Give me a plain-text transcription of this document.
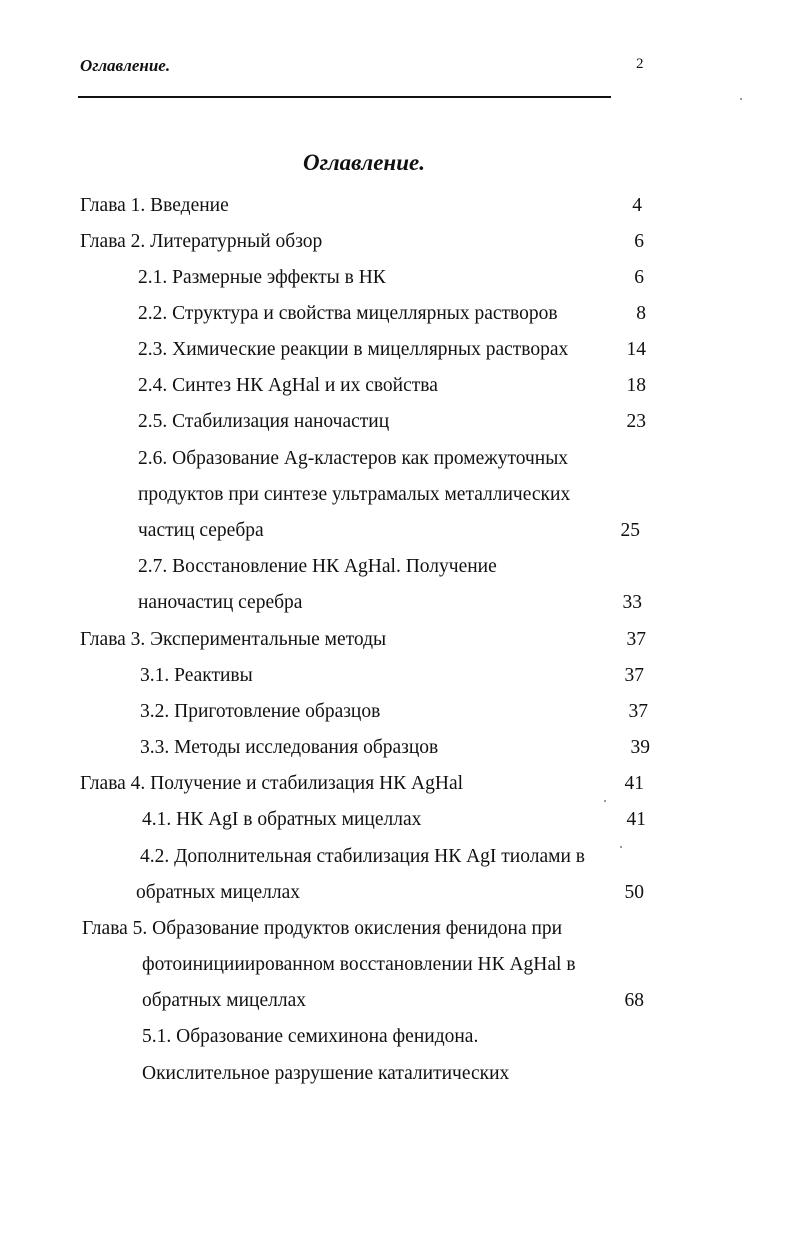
Оглавление.	2
Оглавление.
Глава 1. Введение	4
Глава 2. Литературный обзор	6
2.1. Размерные эффекты в НК	6
2.2. Структура и свойства мицеллярных растворов	8
2.3. Химические реакции в мицеллярных растворах	14
2.4. Синтез НК AgHal и их свойства	18
2.5. Стабилизация наночастиц	23
2.6. Образование Ag-кластеров как промежуточных
продуктов при синтезе ультрамалых металлических
частиц серебра	25
2.7. Восстановление НК AgHal. Получение
наночастиц серебра	33
Глава 3. Экспериментальные методы	37
3.1. Реактивы	37
3.2. Приготовление образцов	37
3.3. Методы исследования образцов	39
Глава 4. Получение и стабилизация НК AgHal	41
4.1. НК AgI в обратных мицеллах	41
4.2. Дополнительная стабилизация НК AgI тиолами в
обратных мицеллах	50
Глава 5. Образование продуктов окисления фенидона при
фотоиницииированном восстановлении НК AgHal в
обратных мицеллах	68
5.1. Образование семихинона фенидона.
Окислительное разрушение каталитических
